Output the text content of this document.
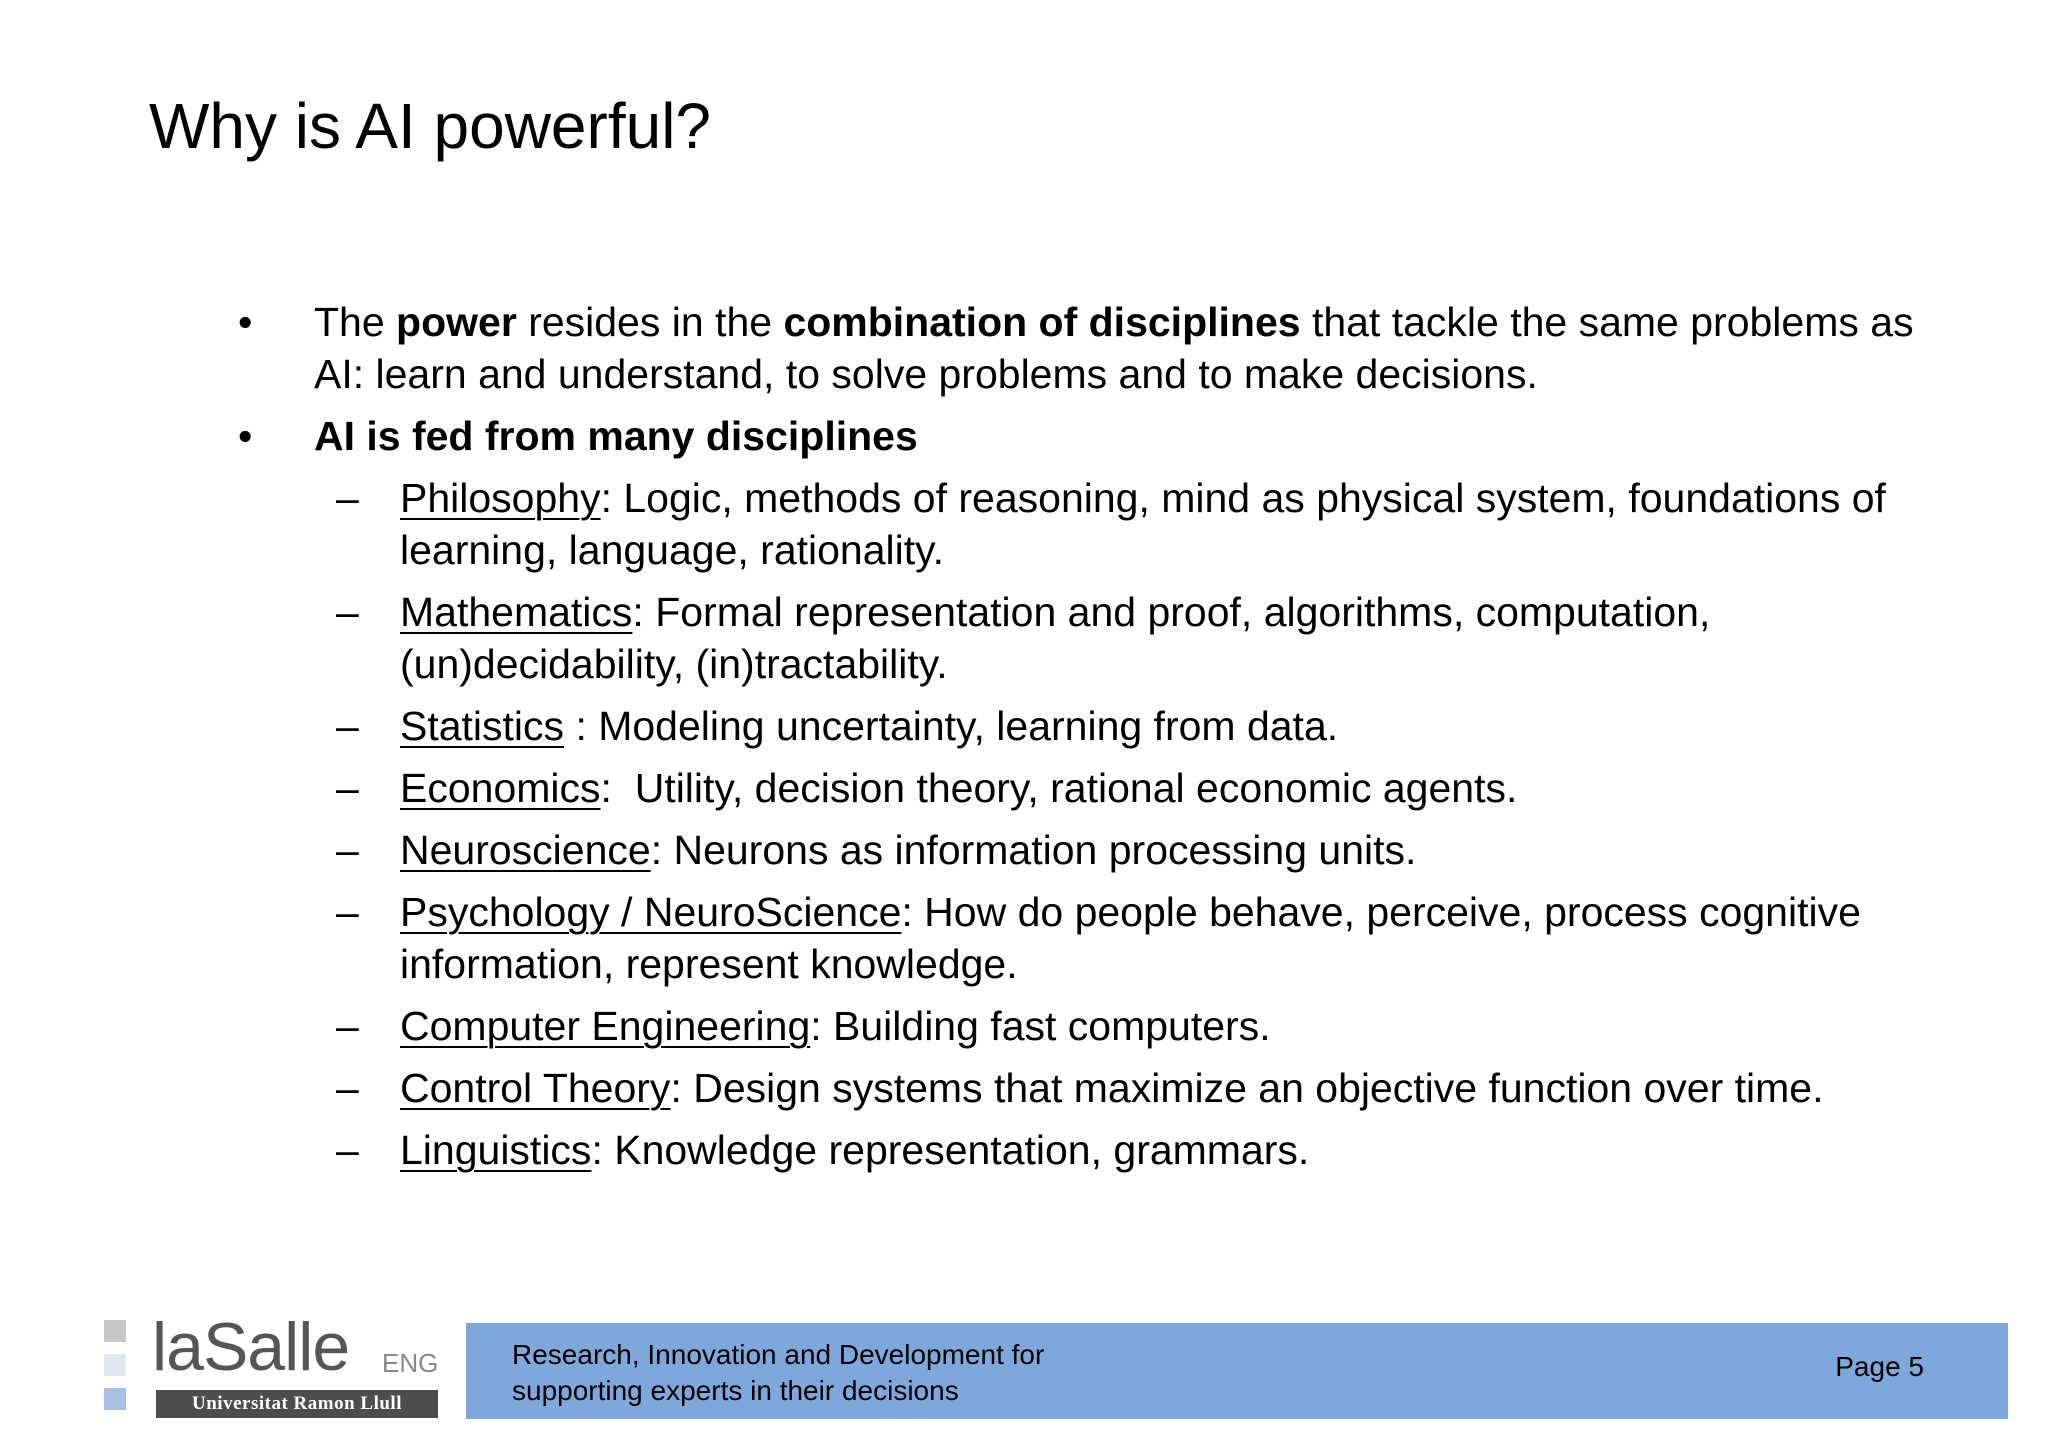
Why is AI powerful?
• The power resides in the combination of disciplines that tackle the same problems as AI: learn and understand, to solve problems and to make decisions.
• AI is fed from many disciplines
– Philosophy: Logic, methods of reasoning, mind as physical system, foundations of learning, language, rationality.
– Mathematics: Formal representation and proof, algorithms, computation, (un)decidability, (in)tractability.
– Statistics : Modeling uncertainty, learning from data.
– Economics:  Utility, decision theory, rational economic agents.
– Neuroscience: Neurons as information processing units.
– Psychology / NeuroScience: How do people behave, perceive, process cognitive information, represent knowledge.
– Computer Engineering: Building fast computers.
– Control Theory: Design systems that maximize an objective function over time.
– Linguistics: Knowledge representation, grammars.
laSalle ENG
Universitat Ramon Llull
Research, Innovation and Development for
supporting experts in their decisions
Page 5
